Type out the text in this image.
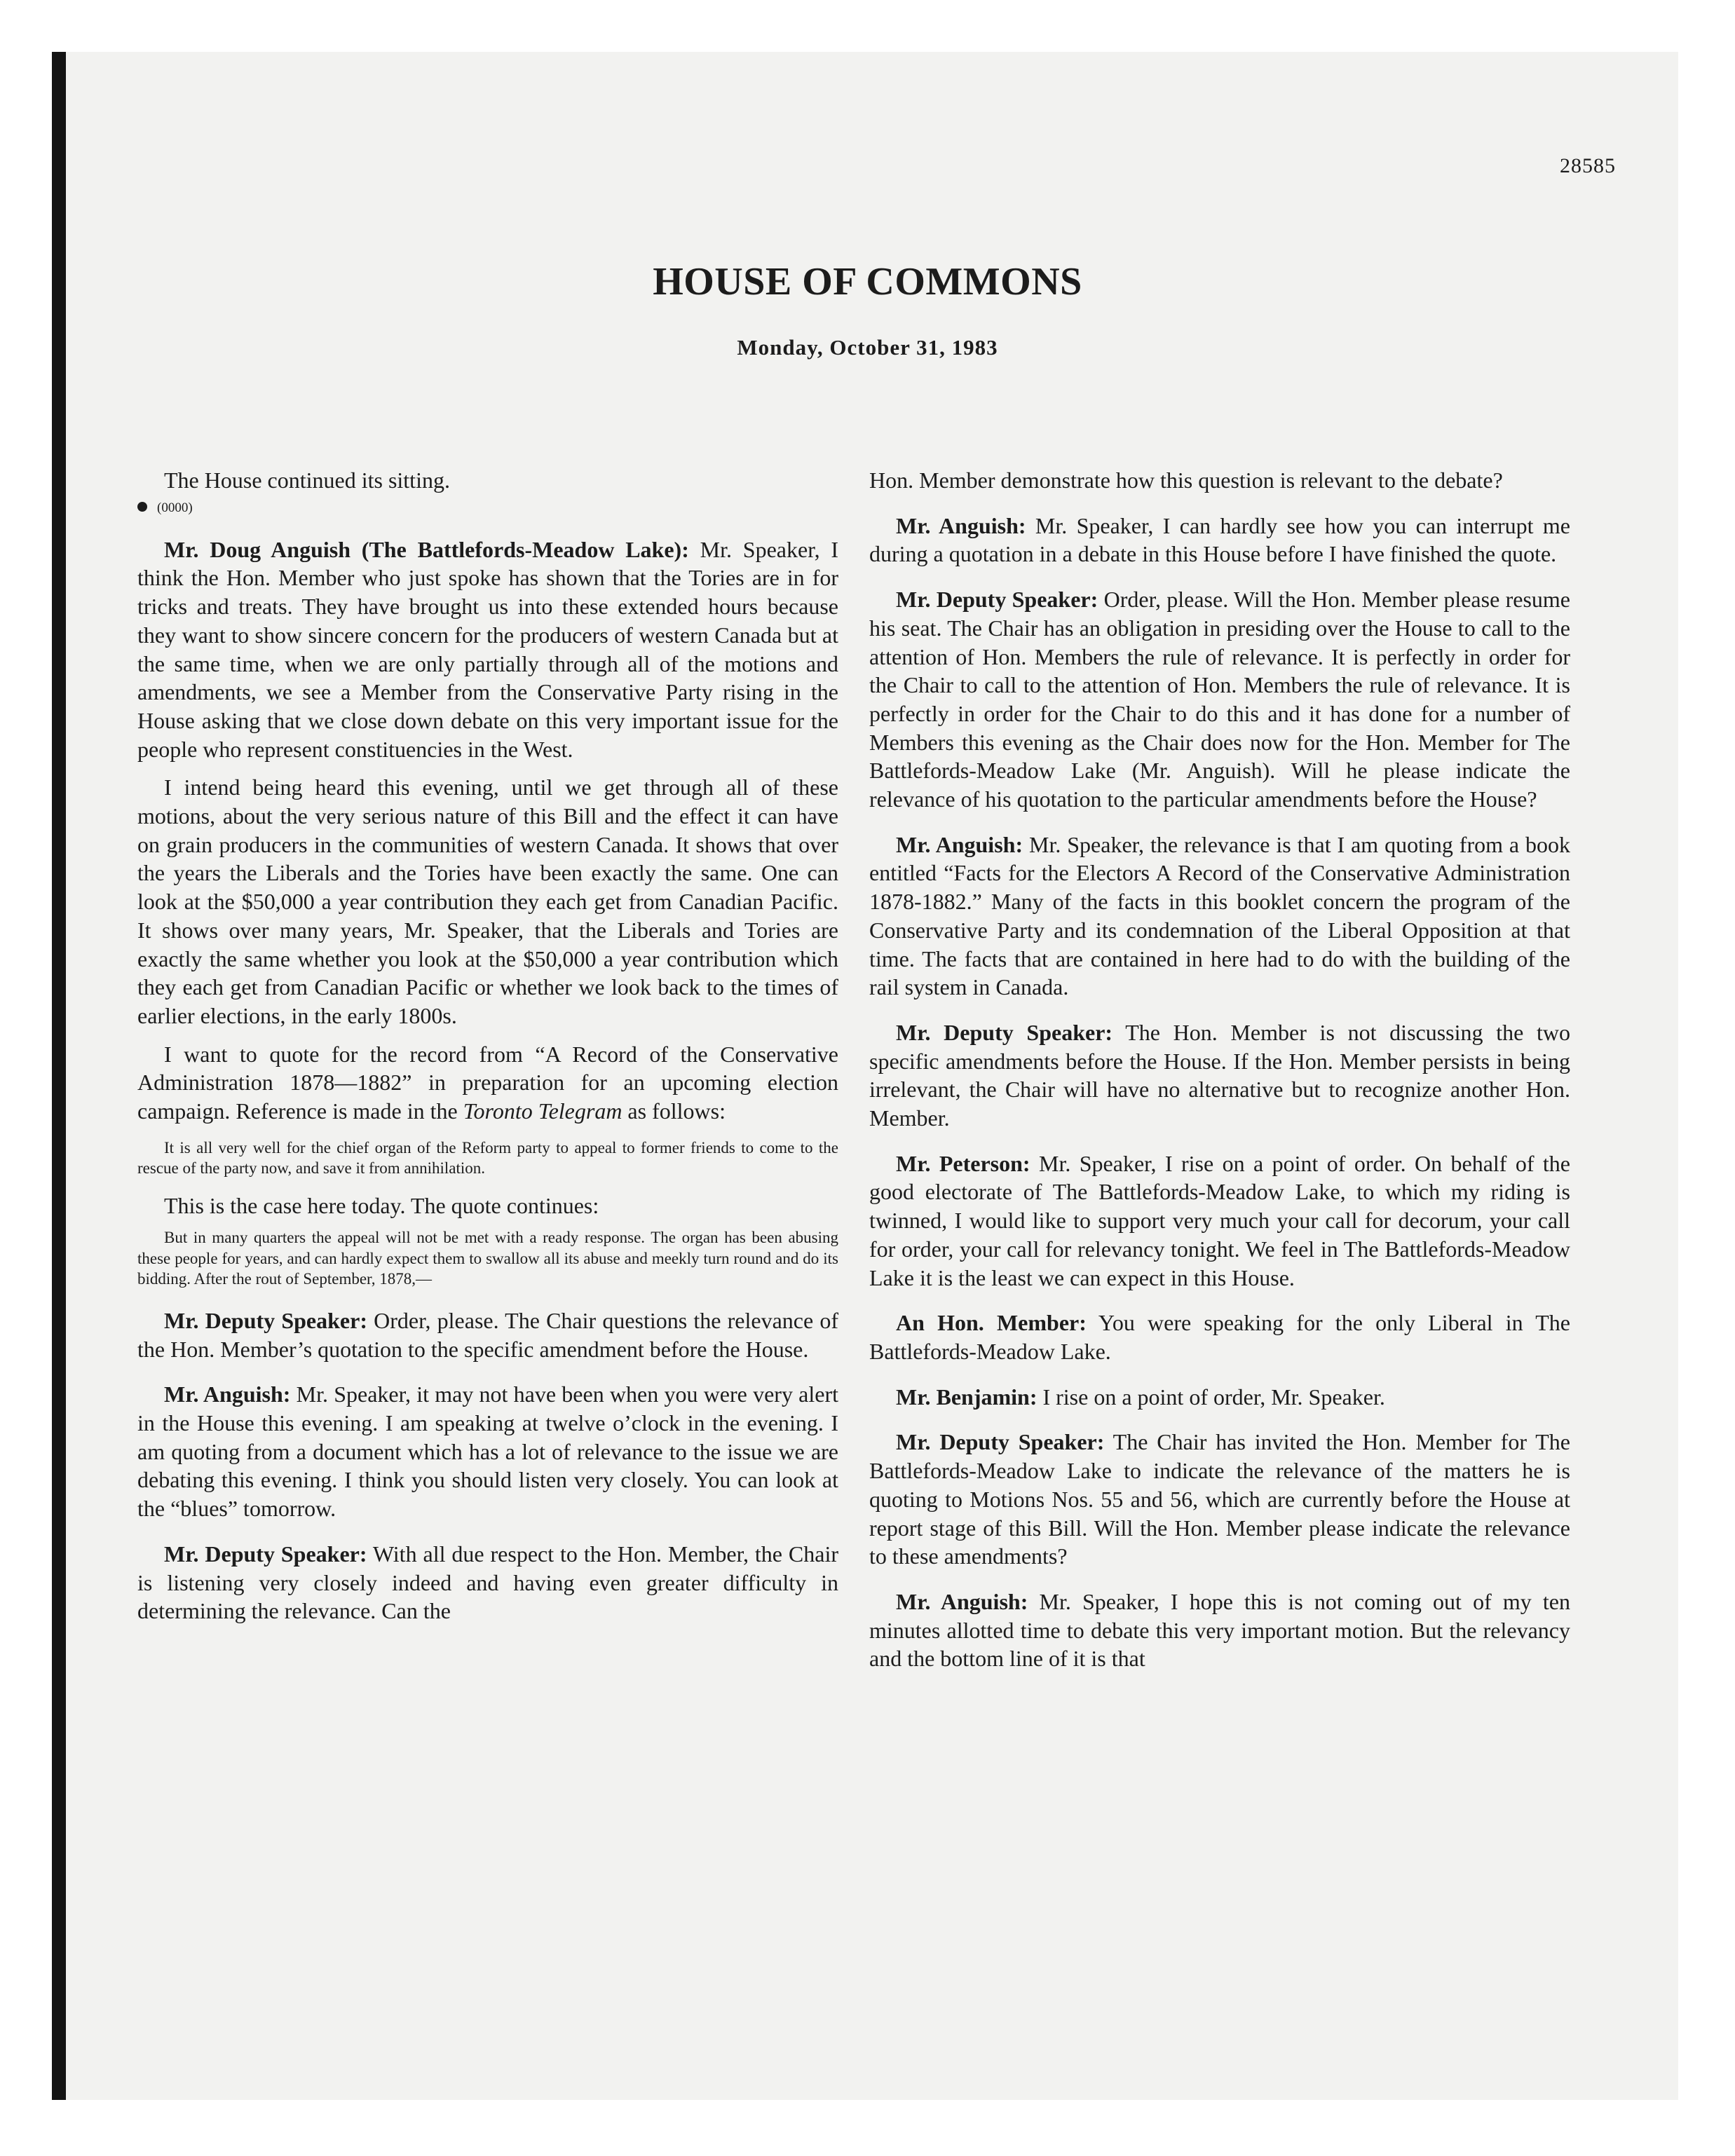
28585
HOUSE OF COMMONS
Monday, October 31, 1983

The House continued its sitting.

(0000)

Mr. Doug Anguish (The Battlefords-Meadow Lake): Mr. Speaker, I think the Hon. Member who just spoke has shown that the Tories are in for tricks and treats. They have brought us into these extended hours because they want to show sincere concern for the producers of western Canada but at the same time, when we are only partially through all of the motions and amendments, we see a Member from the Conservative Party rising in the House asking that we close down debate on this very important issue for the people who represent constituencies in the West.

I intend being heard this evening, until we get through all of these motions, about the very serious nature of this Bill and the effect it can have on grain producers in the communities of western Canada. It shows that over the years the Liberals and the Tories have been exactly the same. One can look at the $50,000 a year contribution they each get from Canadian Pacific. It shows over many years, Mr. Speaker, that the Liberals and Tories are exactly the same whether you look at the $50,000 a year contribution which they each get from Canadian Pacific or whether we look back to the times of earlier elections, in the early 1800s.

I want to quote for the record from “A Record of the Conservative Administration 1878—1882” in preparation for an upcoming election campaign. Reference is made in the Toronto Telegram as follows:

It is all very well for the chief organ of the Reform party to appeal to former friends to come to the rescue of the party now, and save it from annihilation.

This is the case here today. The quote continues:

But in many quarters the appeal will not be met with a ready response. The organ has been abusing these people for years, and can hardly expect them to swallow all its abuse and meekly turn round and do its bidding. After the rout of September, 1878,—

Mr. Deputy Speaker: Order, please. The Chair questions the relevance of the Hon. Member’s quotation to the specific amendment before the House.

Mr. Anguish: Mr. Speaker, it may not have been when you were very alert in the House this evening. I am speaking at twelve o’clock in the evening. I am quoting from a document which has a lot of relevance to the issue we are debating this evening. I think you should listen very closely. You can look at the “blues” tomorrow.

Mr. Deputy Speaker: With all due respect to the Hon. Member, the Chair is listening very closely indeed and having even greater difficulty in determining the relevance. Can the

Hon. Member demonstrate how this question is relevant to the debate?

Mr. Anguish: Mr. Speaker, I can hardly see how you can interrupt me during a quotation in a debate in this House before I have finished the quote.

Mr. Deputy Speaker: Order, please. Will the Hon. Member please resume his seat. The Chair has an obligation in presiding over the House to call to the attention of Hon. Members the rule of relevance. It is perfectly in order for the Chair to call to the attention of Hon. Members the rule of relevance. It is perfectly in order for the Chair to do this and it has done for a number of Members this evening as the Chair does now for the Hon. Member for The Battlefords-Meadow Lake (Mr. Anguish). Will he please indicate the relevance of his quotation to the particular amendments before the House?

Mr. Anguish: Mr. Speaker, the relevance is that I am quoting from a book entitled “Facts for the Electors A Record of the Conservative Administration 1878-1882.” Many of the facts in this booklet concern the program of the Conservative Party and its condemnation of the Liberal Opposition at that time. The facts that are contained in here had to do with the building of the rail system in Canada.

Mr. Deputy Speaker: The Hon. Member is not discussing the two specific amendments before the House. If the Hon. Member persists in being irrelevant, the Chair will have no alternative but to recognize another Hon. Member.

Mr. Peterson: Mr. Speaker, I rise on a point of order. On behalf of the good electorate of The Battlefords-Meadow Lake, to which my riding is twinned, I would like to support very much your call for decorum, your call for order, your call for relevancy tonight. We feel in The Battlefords-Meadow Lake it is the least we can expect in this House.

An Hon. Member: You were speaking for the only Liberal in The Battlefords-Meadow Lake.

Mr. Benjamin: I rise on a point of order, Mr. Speaker.

Mr. Deputy Speaker: The Chair has invited the Hon. Member for The Battlefords-Meadow Lake to indicate the relevance of the matters he is quoting to Motions Nos. 55 and 56, which are currently before the House at report stage of this Bill. Will the Hon. Member please indicate the relevance to these amendments?

Mr. Anguish: Mr. Speaker, I hope this is not coming out of my ten minutes allotted time to debate this very important motion. But the relevancy and the bottom line of it is that
